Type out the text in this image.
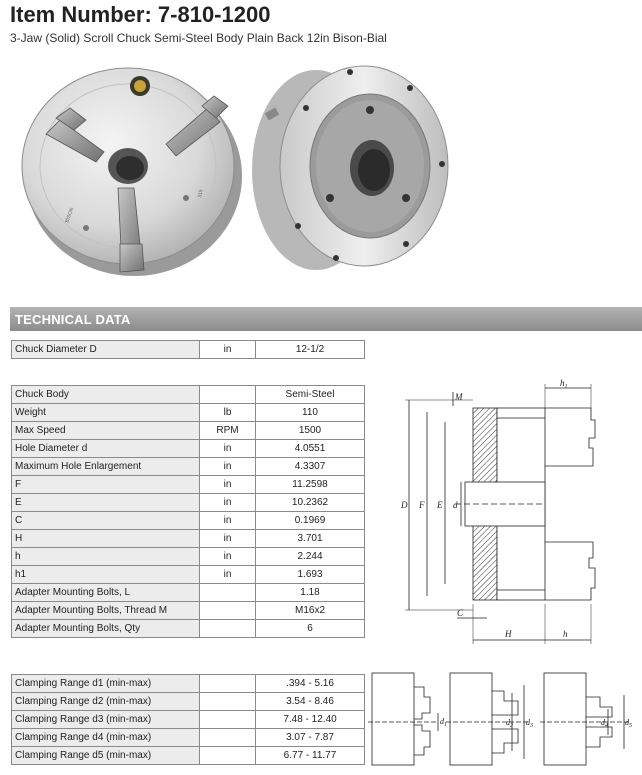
Item Number: 7-810-1200
3-Jaw (Solid) Scroll Chuck Semi-Steel Body Plain Back 12in Bison-Bial
BISON
315
TECHNICAL DATA
Chuck Diameter D	in	12-1/2
Chuck Body		Semi-Steel
Weight	lb	110
Max Speed	RPM	1500
Hole Diameter d	in	4.0551
Maximum Hole Enlargement	in	4.3307
F	in	11.2598
E	in	10.2362
C	in	0.1969
H	in	3.701
h	in	2.244
h1	in	1.693
Adapter Mounting Bolts, L		1.18
Adapter Mounting Bolts, Thread M		M16x2
Adapter Mounting Bolts, Qty		6
Clamping Range d1 (min-max)		.394 - 5.16
Clamping Range d2 (min-max)		3.54 - 8.46
Clamping Range d3 (min-max)		7.48 - 12.40
Clamping Range d4 (min-max)		3.07 - 7.87
Clamping Range d5 (min-max)		6.77 - 11.77
D F E d
M
C
H	h
$h_1$
$d_1$	$d_2$ $d_3$	$d_4$ $d_5$
